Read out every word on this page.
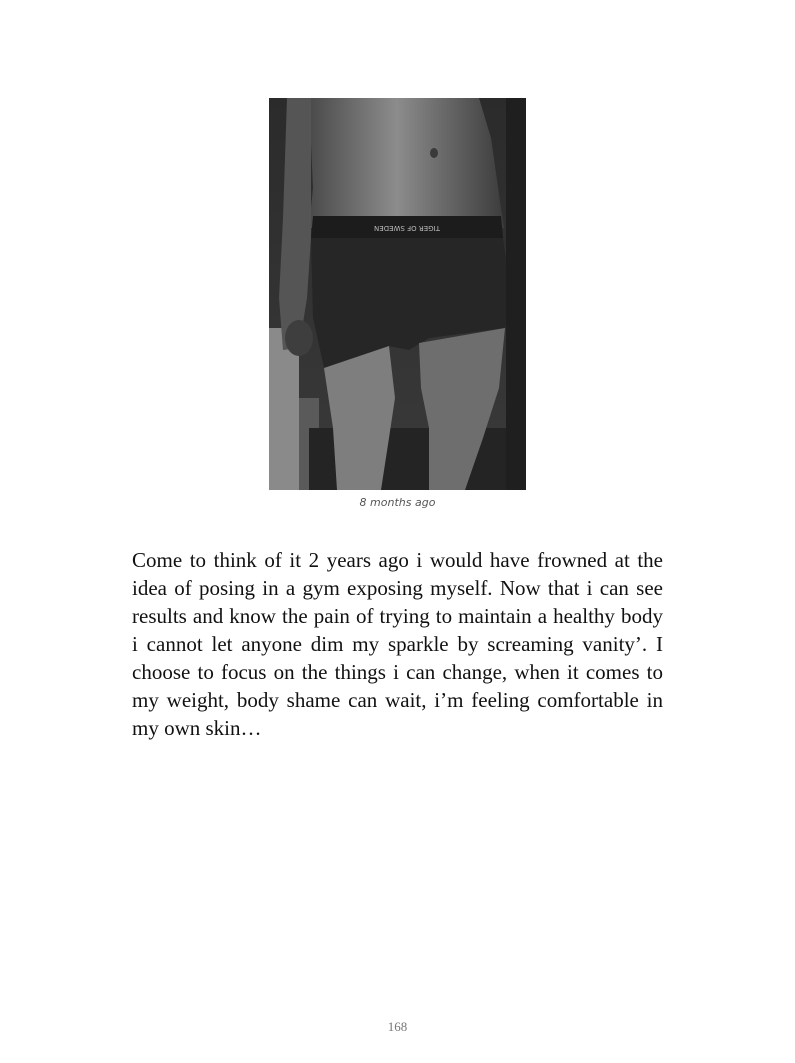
TIGER OF SWEDEN
8 months ago

Come to think of it 2 years ago i would have frowned at the idea of posing in a gym exposing myself. Now that i can see results and know the pain of trying to maintain a healthy body i cannot let anyone dim my sparkle by screaming vanity’. I choose to focus on the things i can change, when it comes to my weight, body shame can wait, i’m feeling comfortable in my own skin…

168
